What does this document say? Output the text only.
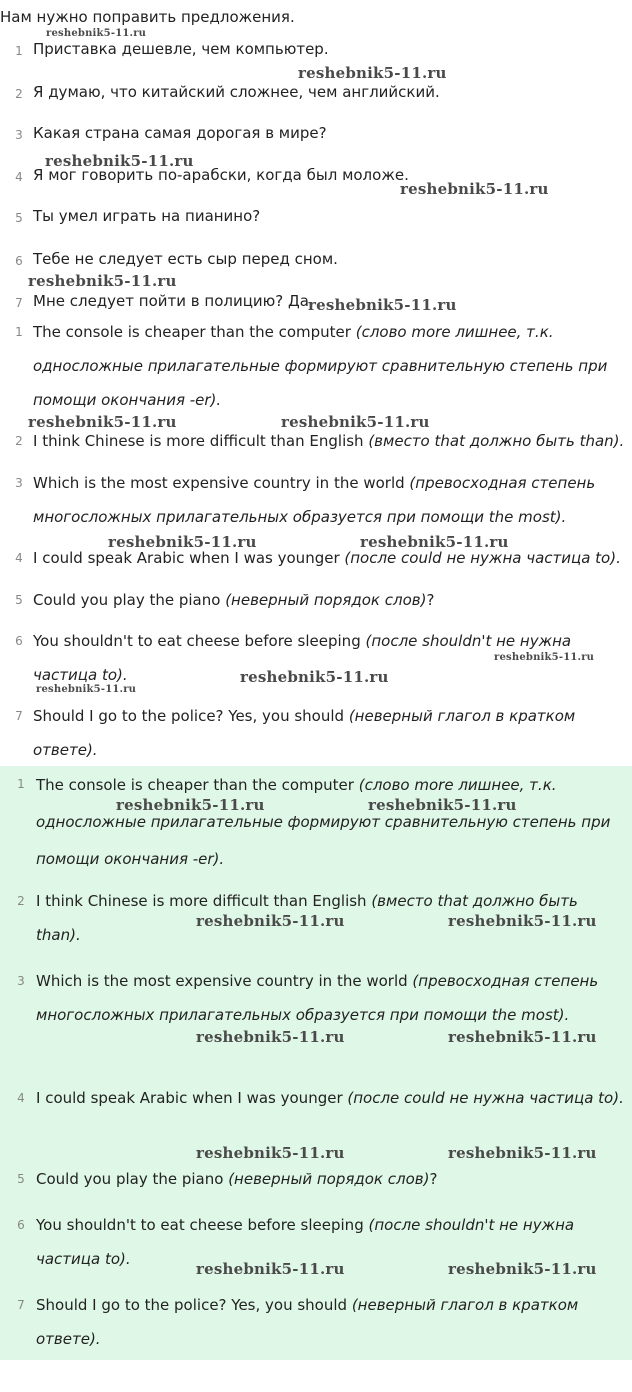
Нам нужно поправить предложения.
1 Приставка дешевле, чем компьютер.
2 Я думаю, что китайский сложнее, чем английский.
3 Какая страна самая дорогая в мире?
4 Я мог говорить по-арабски, когда был моложе.
5 Ты умел играть на пианино?
6 Тебе не следует есть сыр перед сном.
7 Мне следует пойти в полицию? Да.
1 The console is cheaper than the computer (слово more лишнее, т.к. односложные прилагательные формируют сравнительную степень при помощи окончания -er).
2 I think Chinese is more difficult than English (вместо that должно быть than).
3 Which is the most expensive country in the world (превосходная степень многосложных прилагательных образуется при помощи the most).
4 I could speak Arabic when I was younger (после could не нужна частица to).
5 Could you play the piano (неверный порядок слов)?
6 You shouldn't to eat cheese before sleeping (после shouldn't не нужна частица to).
7 Should I go to the police? Yes, you should (неверный глагол в кратком ответе).
1 The console is cheaper than the computer (слово more лишнее, т.к. односложные прилагательные формируют сравнительную степень при помощи окончания -er).
2 I think Chinese is more difficult than English (вместо that должно быть than).
3 Which is the most expensive country in the world (превосходная степень многосложных прилагательных образуется при помощи the most).
4 I could speak Arabic when I was younger (после could не нужна частица to).
5 Could you play the piano (неверный порядок слов)?
6 You shouldn't to eat cheese before sleeping (после shouldn't не нужна частица to).
7 Should I go to the police? Yes, you should (неверный глагол в кратком ответе).
reshebnik5-11.ru
reshebnik5-11.ru
reshebnik5-11.ru
reshebnik5-11.ru
reshebnik5-11.ru
reshebnik5-11.ru
reshebnik5-11.ru	reshebnik5-11.ru
reshebnik5-11.ru	reshebnik5-11.ru
reshebnik5-11.ru
reshebnik5-11.ru
reshebnik5-11.ru
reshebnik5-11.ru	reshebnik5-11.ru
reshebnik5-11.ru	reshebnik5-11.ru
reshebnik5-11.ru	reshebnik5-11.ru
reshebnik5-11.ru	reshebnik5-11.ru
reshebnik5-11.ru	reshebnik5-11.ru
